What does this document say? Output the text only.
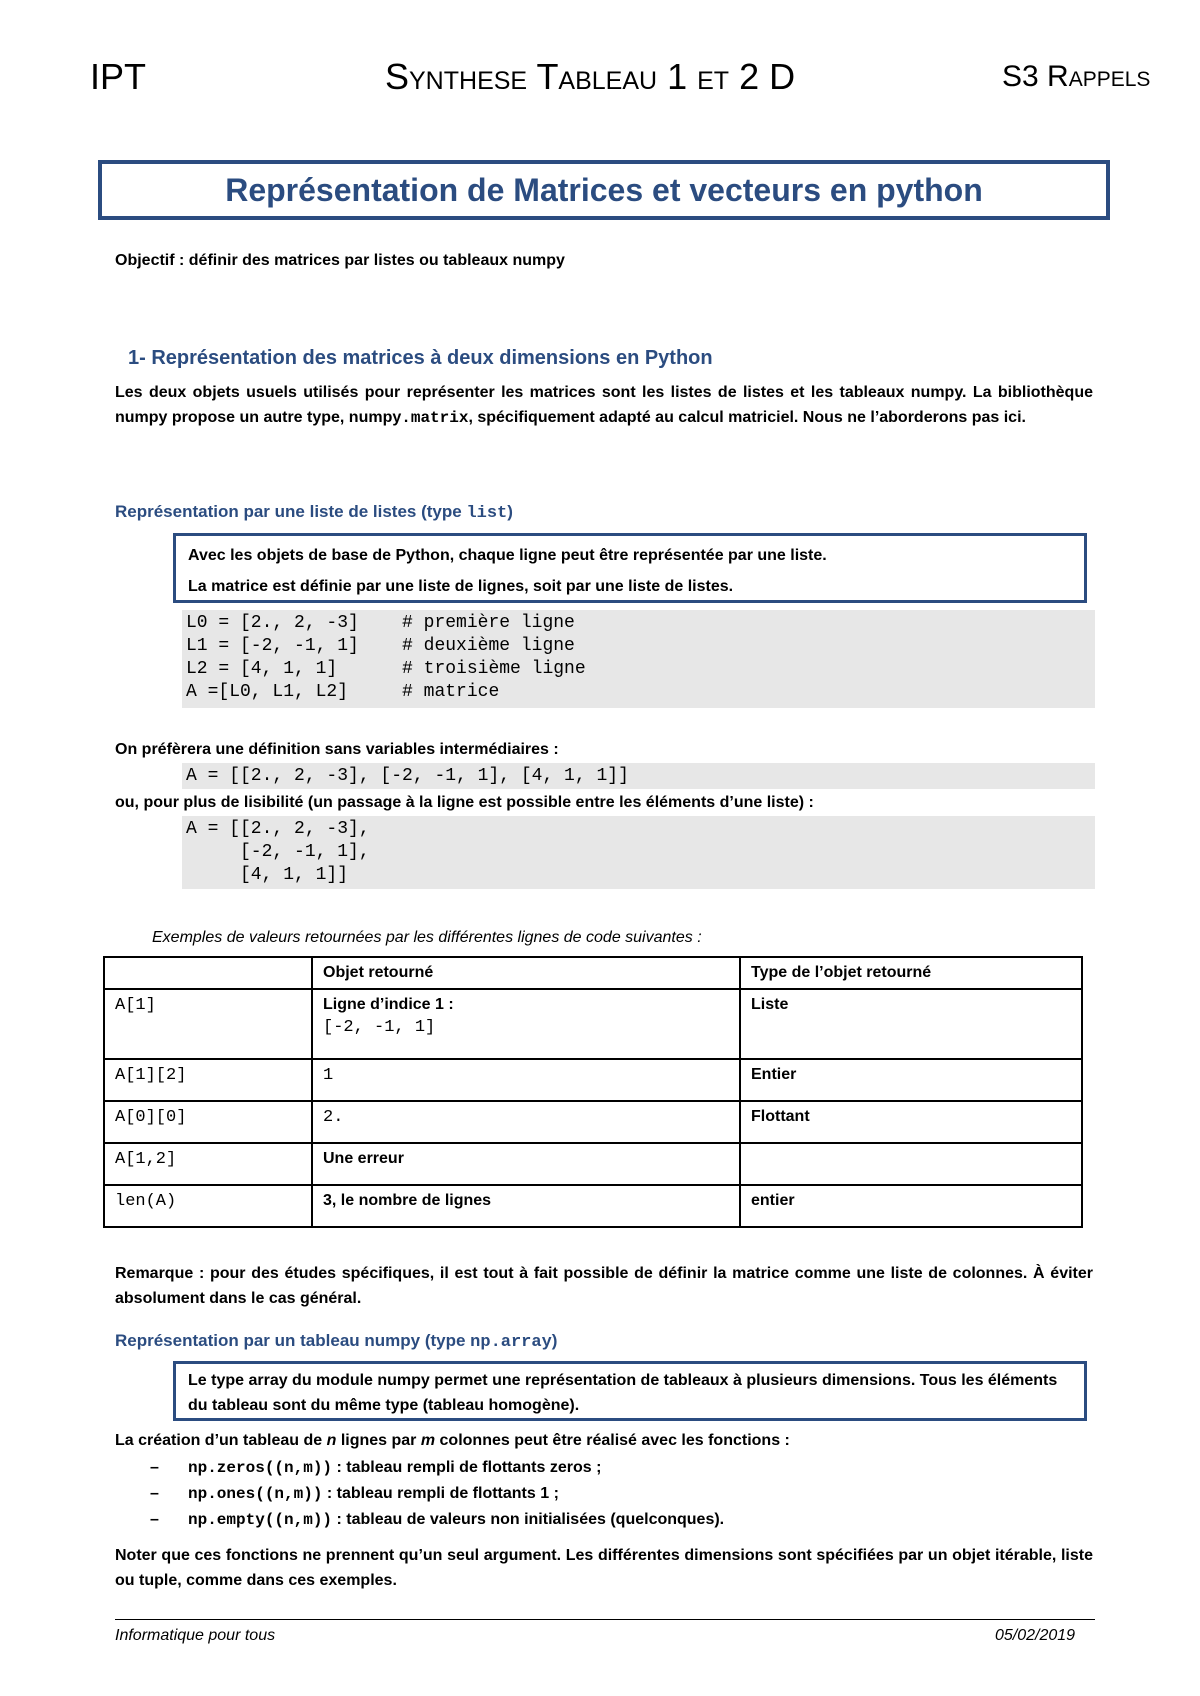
IPT	Synthese Tableau 1 et 2 D	S3 Rappels
Représentation de Matrices et vecteurs en python
Objectif : définir des matrices par listes ou tableaux numpy
1- Représentation des matrices à deux dimensions en Python
Les deux objets usuels utilisés pour représenter les matrices sont les listes de listes et les tableaux numpy. La bibliothèque numpy propose un autre type, numpy.matrix, spécifiquement adapté au calcul matriciel. Nous ne l’aborderons pas ici.
Représentation par une liste de listes (type list)
Avec les objets de base de Python, chaque ligne peut être représentée par une liste.
La matrice est définie par une liste de lignes, soit par une liste de listes.
L0 = [2., 2, -3]    # première ligne
L1 = [-2, -1, 1]    # deuxième ligne
L2 = [4, 1, 1]      # troisième ligne
A =[L0, L1, L2]     # matrice
On préfèrera une définition sans variables intermédiaires :
A = [[2., 2, -3], [-2, -1, 1], [4, 1, 1]]
ou, pour plus de lisibilité (un passage à la ligne est possible entre les éléments d’une liste) :
A = [[2., 2, -3],
[-2, -1, 1],
[4, 1, 1]]
Exemples de valeurs retournées par les différentes lignes de code suivantes :
	Objet retourné	Type de l’objet retourné
A[1]	Ligne d’indice 1 :
[-2, -1, 1]	Liste
A[1][2]	1	Entier
A[0][0]	2.	Flottant
A[1,2]	Une erreur	
len(A)	3, le nombre de lignes	entier
Remarque : pour des études spécifiques, il est tout à fait possible de définir la matrice comme une liste de colonnes. À éviter absolument dans le cas général.
Représentation par un tableau numpy (type np.array)
Le type array du module numpy permet une représentation de tableaux à plusieurs dimensions. Tous les éléments du tableau sont du même type (tableau homogène).
La création d’un tableau de n lignes par m colonnes peut être réalisé avec les fonctions :
– np.zeros((n,m)) : tableau rempli de flottants zeros ;
– np.ones((n,m)) : tableau rempli de flottants 1 ;
– np.empty((n,m)) : tableau de valeurs non initialisées (quelconques).
Noter que ces fonctions ne prennent qu’un seul argument. Les différentes dimensions sont spécifiées par un objet itérable, liste ou tuple, comme dans ces exemples.
Informatique pour tous	05/02/2019
